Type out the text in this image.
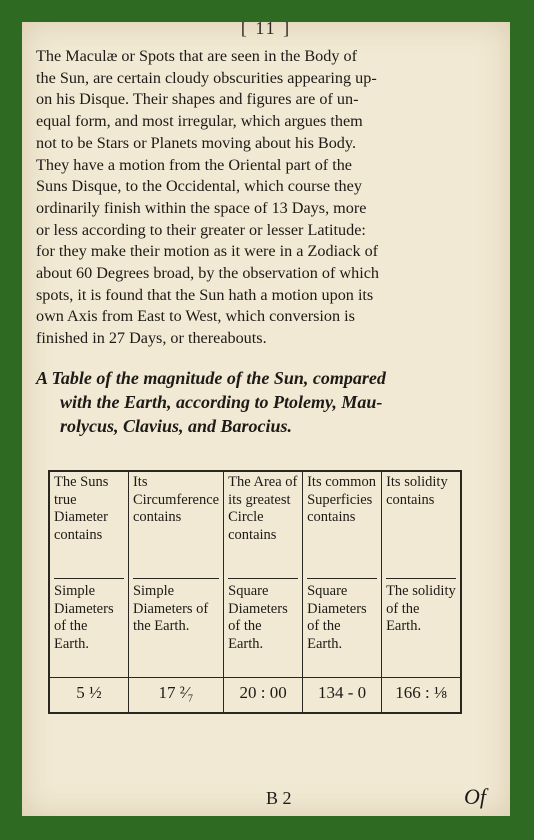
[ 11 ]
The Maculæ or Spots that are seen in the Body of
the Sun, are certain cloudy obscurities appearing up-
on his Disque. Their shapes and figures are of un-
equal form, and most irregular, which argues them
not to be Stars or Planets moving about his Body.
They have a motion from the Oriental part of the
Suns Disque, to the Occidental, which course they
ordinarily finish within the space of 13 Days, more
or less according to their greater or lesser Latitude:
for they make their motion as it were in a Zodiack of
about 60 Degrees broad, by the observation of which
spots, it is found that the Sun hath a motion upon its
own Axis from East to West, which conversion is
finished in 27 Days, or thereabouts.
A Table of the magnitude of the Sun, compared
with the Earth, according to Ptolemy, Mau-
rolycus, Clavius, and Barocius.
The Suns true Diameter contains
Simple Diameters of the Earth.
5 ½
Its Circumference contains
Simple Diameters of the Earth.
17 ²⁄₇
The Area of its greatest Circle contains
Square Diameters of the Earth.
20 : 00
Its common Superficies contains
Square Diameters of the Earth.
134 - 0
Its solidity contains
The solidity of the Earth.
166 : ⅛
B 2	Of
